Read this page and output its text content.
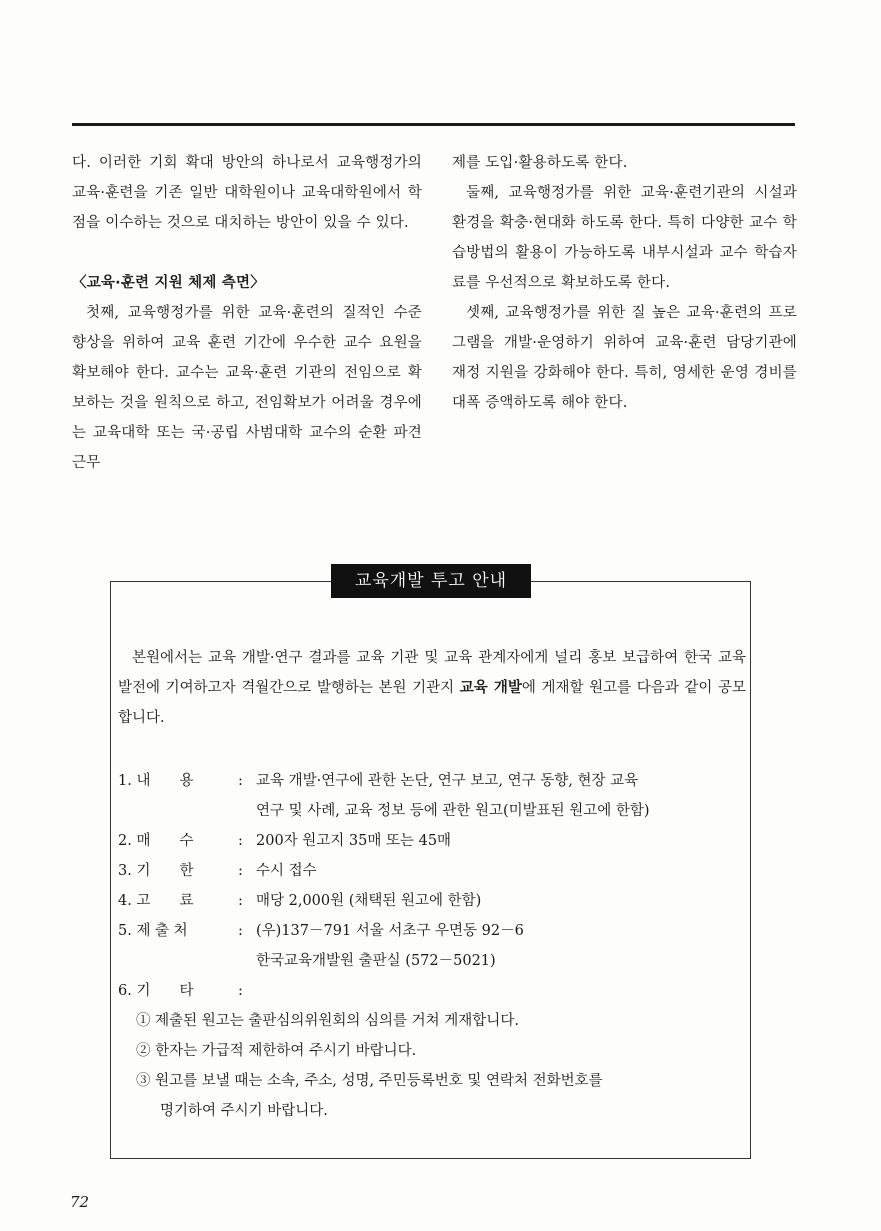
다. 이러한 기회 확대 방안의 하나로서 교육행정가의 교육·훈련을 기존 일반 대학원이나 교육대학원에서 학점을 이수하는 것으로 대치하는 방안이 있을 수 있다.

〈교육·훈련 지원 체제 측면〉

첫째, 교육행정가를 위한 교육·훈련의 질적인 수준 향상을 위하여 교육 훈련 기간에 우수한 교수 요원을 확보해야 한다. 교수는 교육·훈련 기관의 전임으로 확보하는 것을 원칙으로 하고, 전임확보가 어려울 경우에는 교육대학 또는 국·공립 사범대학 교수의 순환 파견 근무

제를 도입·활용하도록 한다.

둘째, 교육행정가를 위한 교육·훈련기관의 시설과 환경을 확충·현대화 하도록 한다. 특히 다양한 교수 학습방법의 활용이 가능하도록 내부시설과 교수 학습자료를 우선적으로 확보하도록 한다.

셋째, 교육행정가를 위한 질 높은 교육·훈련의 프로그램을 개발·운영하기 위하여 교육·훈련 담당기관에 재정 지원을 강화해야 한다. 특히, 영세한 운영 경비를 대폭 증액하도록 해야 한다.

교육개발 투고 안내

본원에서는 교육 개발·연구 결과를 교육 기관 및 교육 관계자에게 널리 홍보 보급하여 한국 교육 발전에 기여하고자 격월간으로 발행하는 본원 기관지 교육 개발에 게재할 원고를 다음과 같이 공모합니다.

1. 내　　용	: 교육 개발·연구에 관한 논단, 연구 보고, 연구 동향, 현장 교육
연구 및 사례, 교육 정보 등에 관한 원고(미발표된 원고에 한함)
2. 매　　수	: 200자 원고지 35매 또는 45매
3. 기　　한	: 수시 접수
4. 고　　료	: 매당 2,000원 (채택된 원고에 한함)
5. 제 출 처	: (우)137－791 서울 서초구 우면동 92－6
한국교육개발원 출판실 (572－5021)
6. 기　　타	:
① 제출된 원고는 출판심의위원회의 심의를 거쳐 게재합니다.
② 한자는 가급적 제한하여 주시기 바랍니다.
③ 원고를 보낼 때는 소속, 주소, 성명, 주민등록번호 및 연락처 전화번호를
명기하여 주시기 바랍니다.
72
